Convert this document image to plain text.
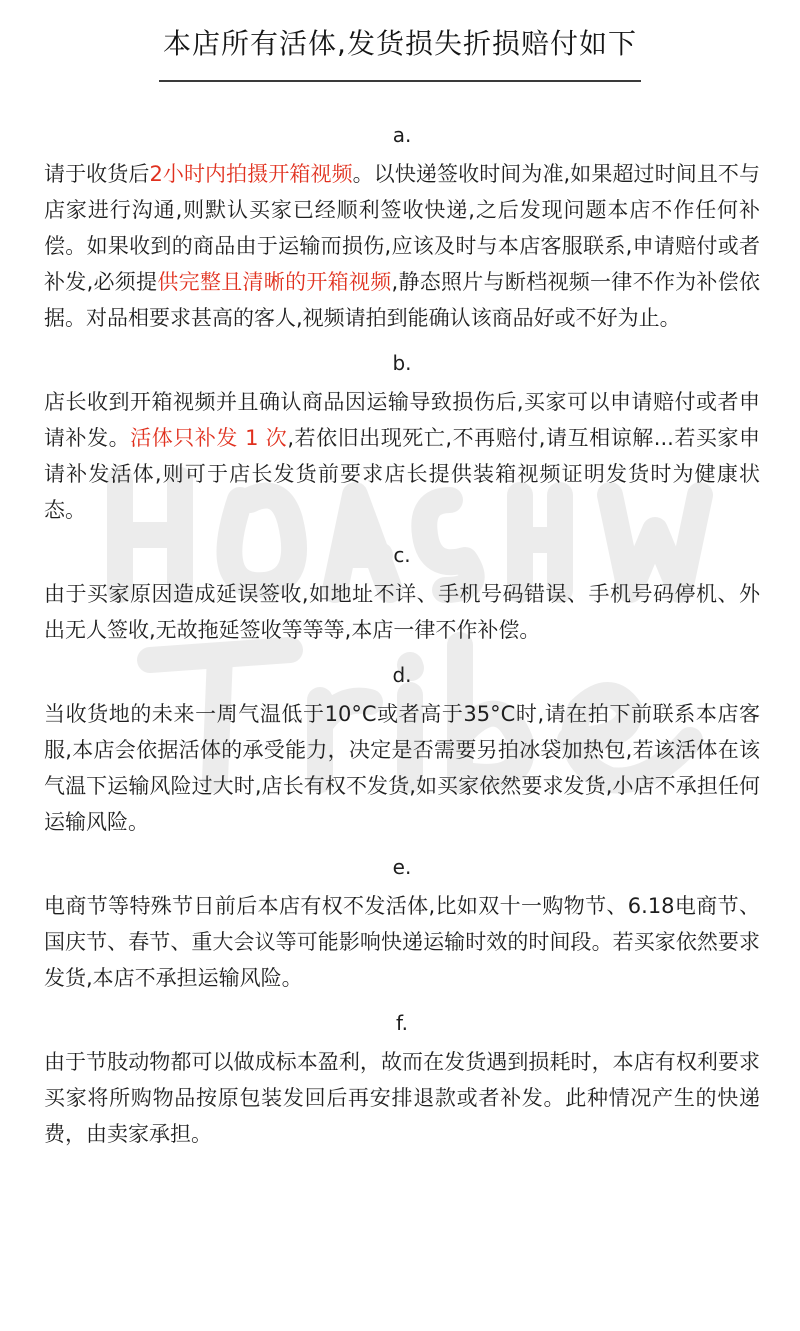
本店所有活体,发货损失折损赔付如下
a.
请于收货后2小时内拍摄开箱视频。以快递签收时间为准,如果超过时间且不与店家进行沟通,则默认买家已经顺利签收快递,之后发现问题本店不作任何补偿。如果收到的商品由于运输而损伤,应该及时与本店客服联系,申请赔付或者补发,必须提供完整且清晰的开箱视频,静态照片与断档视频一律不作为补偿依据。对品相要求甚高的客人,视频请拍到能确认该商品好或不好为止。
b.
店长收到开箱视频并且确认商品因运输导致损伤后,买家可以申请赔付或者申请补发。活体只补发 1 次,若依旧出现死亡,不再赔付,请互相谅解...若买家申请补发活体,则可于店长发货前要求店长提供装箱视频证明发货时为健康状态。
c.
由于买家原因造成延误签收,如地址不详、手机号码错误、手机号码停机、外出无人签收,无故拖延签收等等等,本店一律不作补偿。
d.
当收货地的未来一周气温低于10°C或者高于35°C时,请在拍下前联系本店客服,本店会依据活体的承受能力，决定是否需要另拍冰袋加热包,若该活体在该气温下运输风险过大时,店长有权不发货,如买家依然要求发货,小店不承担任何运输风险。
e.
电商节等特殊节日前后本店有权不发活体,比如双十一购物节、6.18电商节、国庆节、春节、重大会议等可能影响快递运输时效的时间段。若买家依然要求发货,本店不承担运输风险。
f.
由于节肢动物都可以做成标本盈利，故而在发货遇到损耗时，本店有权利要求买家将所购物品按原包装发回后再安排退款或者补发。此种情况产生的快递费，由卖家承担。
